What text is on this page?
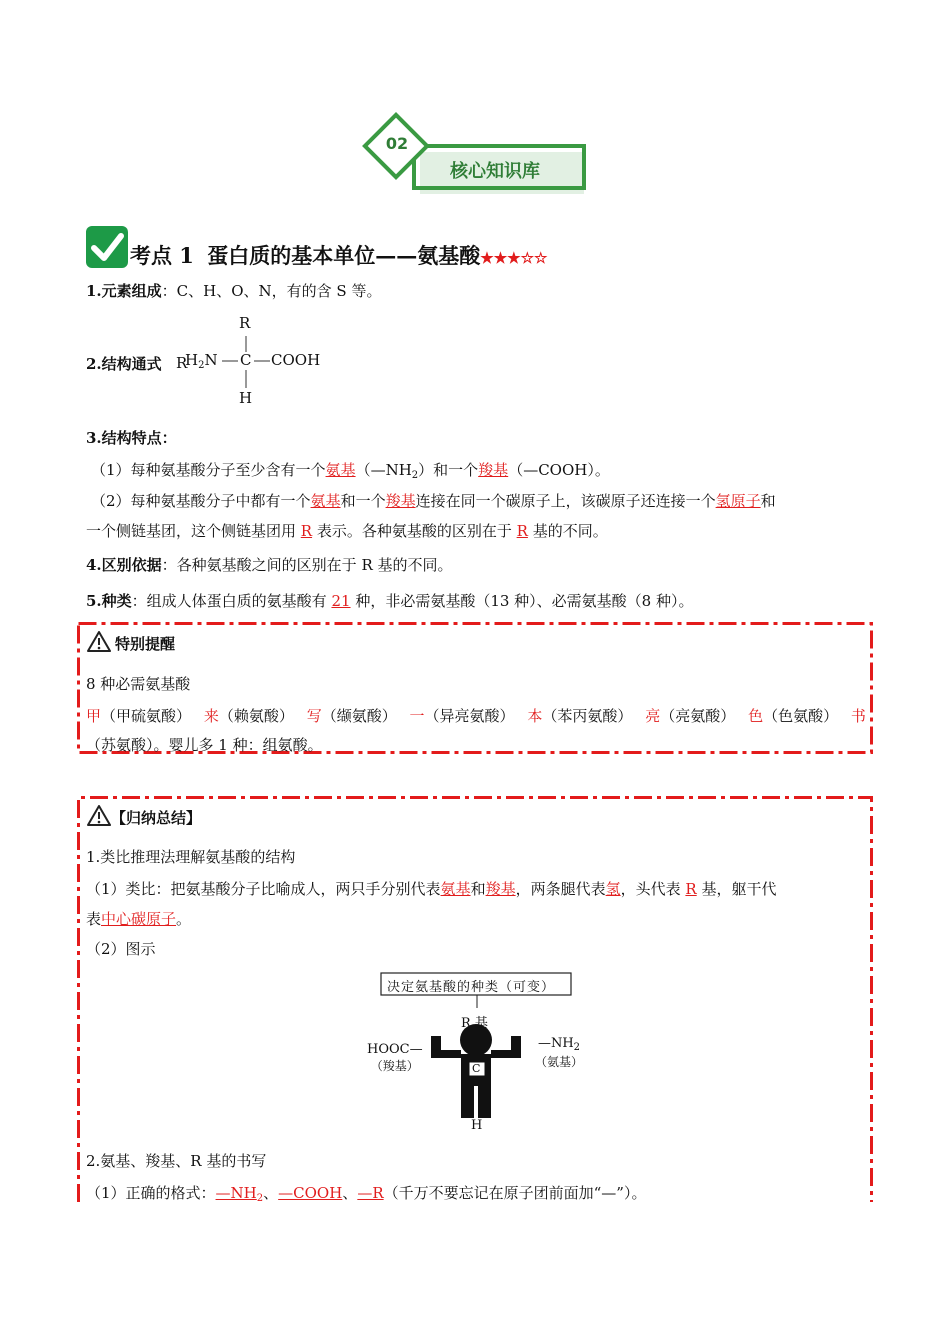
02
核心知识库
考点 1 蛋白质的基本单位——氨基酸★★★☆☆
1.元素组成：C、H、O、N，有的含 S 等。
2.结构通式 R
R
$H_2N$ C COOH
H
3.结构特点：
（1）每种氨基酸分子至少含有一个氨基$(—NH_2)$和一个羧基（—COOH）。
（2）每种氨基酸分子中都有一个氨基和一个羧基连接在同一个碳原子上，该碳原子还连接一个氢原子和
一个侧链基团，这个侧链基团用 R 表示。各种氨基酸的区别在于 R 基的不同。
4.区别依据：各种氨基酸之间的区别在于 R 基的不同。
5.种类：组成人体蛋白质的氨基酸有 21 种，非必需氨基酸（13 种）、必需氨基酸（8 种）。
特别提醒
8 种必需氨基酸
甲（甲硫氨酸） 来（赖氨酸） 写（缬氨酸） 一（异亮氨酸） 本（苯丙氨酸） 亮（亮氨酸） 色（色氨酸） 书
（苏氨酸）。婴儿多 1 种：组氨酸。
【归纳总结】
1.类比推理法理解氨基酸的结构
（1）类比：把氨基酸分子比喻成人，两只手分别代表氨基和羧基，两条腿代表氢，头代表 R 基，躯干代
表中心碳原子。
（2）图示
决定氨基酸的种类（可变）
R 基
C
H
HOOC—
（羧基）
$—NH_2$
（氨基）
2.氨基、羧基、R 基的书写
（1）正确的格式：$—NH_2$、—COOH、—R（千万不要忘记在原子团前面加“—”）。
